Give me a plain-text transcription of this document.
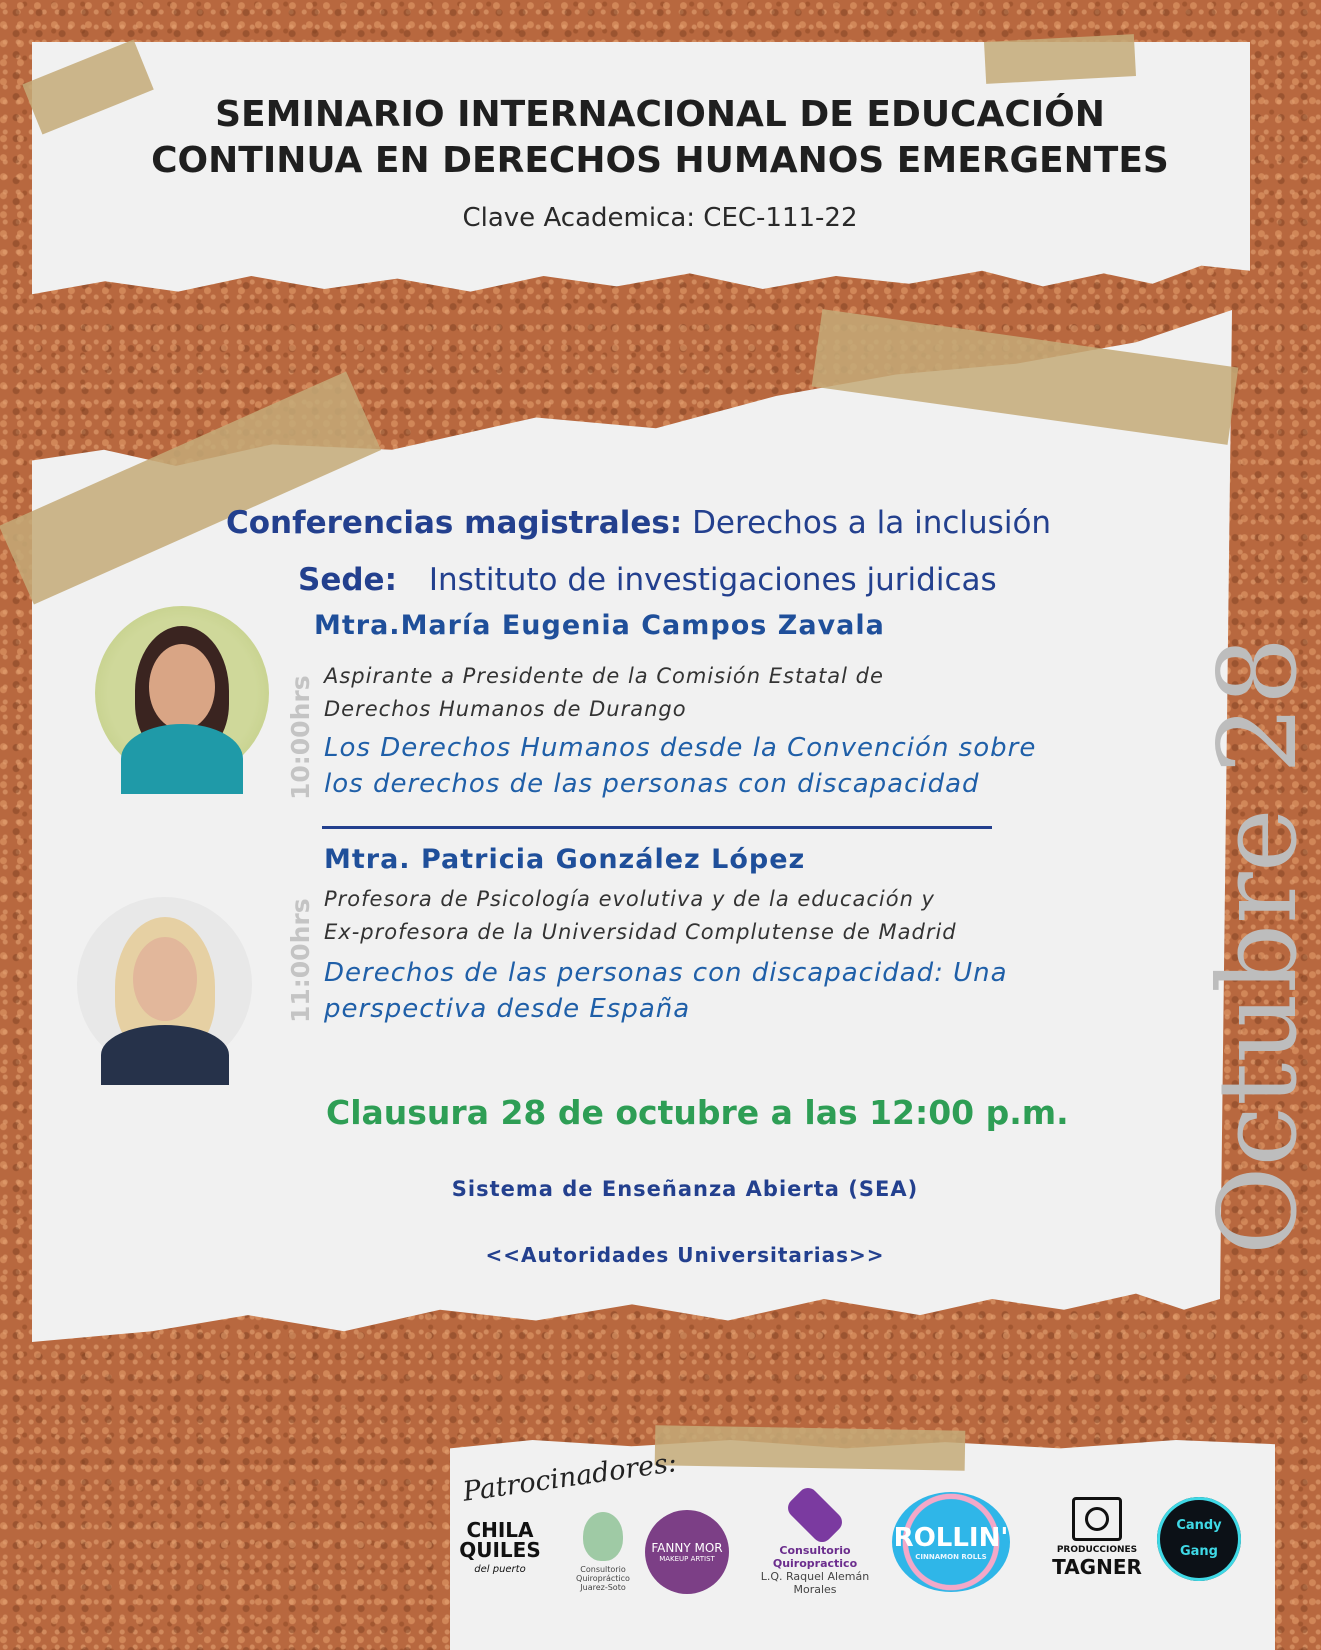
SEMINARIO INTERNACIONAL DE EDUCACIÓN
CONTINUA EN DERECHOS HUMANOS EMERGENTES
Clave Academica: CEC-111-22
Conferencias magistrales: Derechos a la inclusión
Sede: Instituto de investigaciones juridicas
Mtra.María Eugenia Campos Zavala
10:00hrs Aspirante a Presidente de la Comisión Estatal de
Derechos Humanos de Durango
Los Derechos Humanos desde la Convención sobre
los derechos de las personas con discapacidad
Mtra. Patricia González López
11:00hrs Profesora de Psicología evolutiva y de la educación y
Ex-profesora de la Universidad Complutense de Madrid
Derechos de las personas con discapacidad: Una
perspectiva desde España	Octubre 28
Clausura 28 de octubre a las 12:00 p.m.
Sistema de Enseñanza Abierta (SEA)
<<Autoridades Universitarias>>
Patrocinadores:
CHILA
QUILES
del puerto	Consultorio Quiropráctico
Juarez-Soto
FANNY MOR
MAKEUP ARTIST
Consultorio Quiropractico
L.Q. Raquel Alemán Morales
ROLLIN'
CINNAMON ROLLS
PRODUCCIONES
TAGNER
Candy
Gang
